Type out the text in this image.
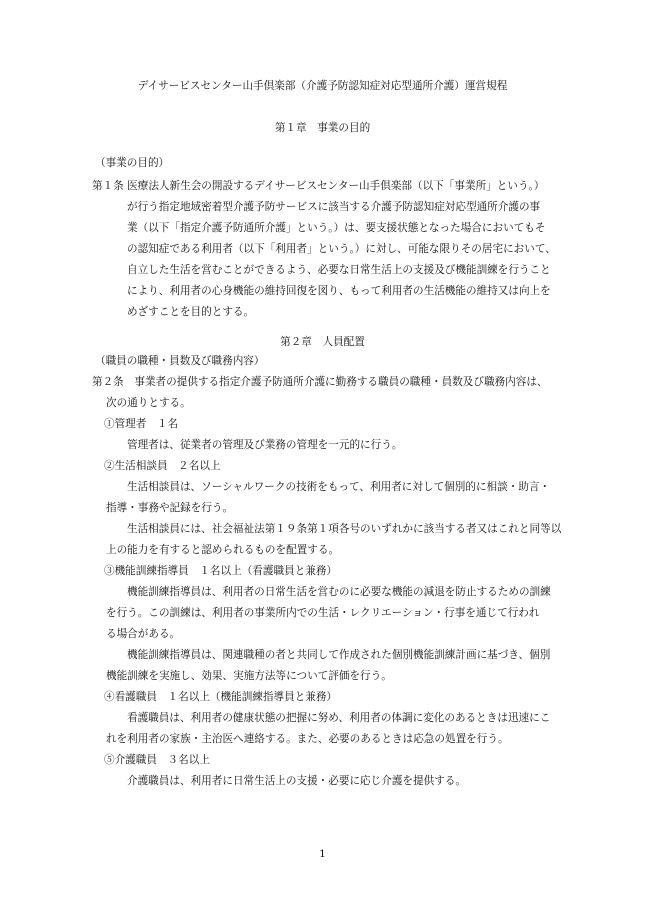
デイサービスセンター山手倶楽部（介護予防認知症対応型通所介護）運営規程
第１章　事業の目的
（事業の目的）
第１条 医療法人新生会の開設するデイサービスセンター山手倶楽部（以下「事業所」という。）
が行う指定地域密着型介護予防サービスに該当する介護予防認知症対応型通所介護の事
業（以下「指定介護予防通所介護」という。）は、要支援状態となった場合においてもそ
の認知症である利用者（以下「利用者」という。）に対し、可能な限りその居宅において、
自立した生活を営むことができるよう、必要な日常生活上の支援及び機能訓練を行うこと
により、利用者の心身機能の維持回復を図り、もって利用者の生活機能の維持又は向上を
めざすことを目的とする。
第２章　人員配置
（職員の職種・員数及び職務内容）
第２条　事業者の提供する指定介護予防通所介護に勤務する職員の職種・員数及び職務内容は、
次の通りとする。
①管理者　１名
管理者は、従業者の管理及び業務の管理を一元的に行う。
②生活相談員　２名以上
生活相談員は、ソーシャルワークの技術をもって、利用者に対して個別的に相談・助言・
指導・事務や記録を行う。
生活相談員には、社会福祉法第１９条第１項各号のいずれかに該当する者又はこれと同等以
上の能力を有すると認められるものを配置する。
③機能訓練指導員　１名以上（看護職員と兼務）
機能訓練指導員は、利用者の日常生活を営むのに必要な機能の減退を防止するための訓練
を行う。この訓練は、利用者の事業所内での生活・レクリエーション・行事を通じて行われ
る場合がある。
機能訓練指導員は、関連職種の者と共同して作成された個別機能訓練計画に基づき、個別
機能訓練を実施し、効果、実施方法等について評価を行う。
④看護職員　１名以上（機能訓練指導員と兼務）
看護職員は、利用者の健康状態の把握に努め、利用者の体調に変化のあるときは迅速にこ
れを利用者の家族・主治医へ連絡する。また、必要のあるときは応急の処置を行う。
⑤介護職員　３名以上
介護職員は、利用者に日常生活上の支援・必要に応じ介護を提供する。
1
